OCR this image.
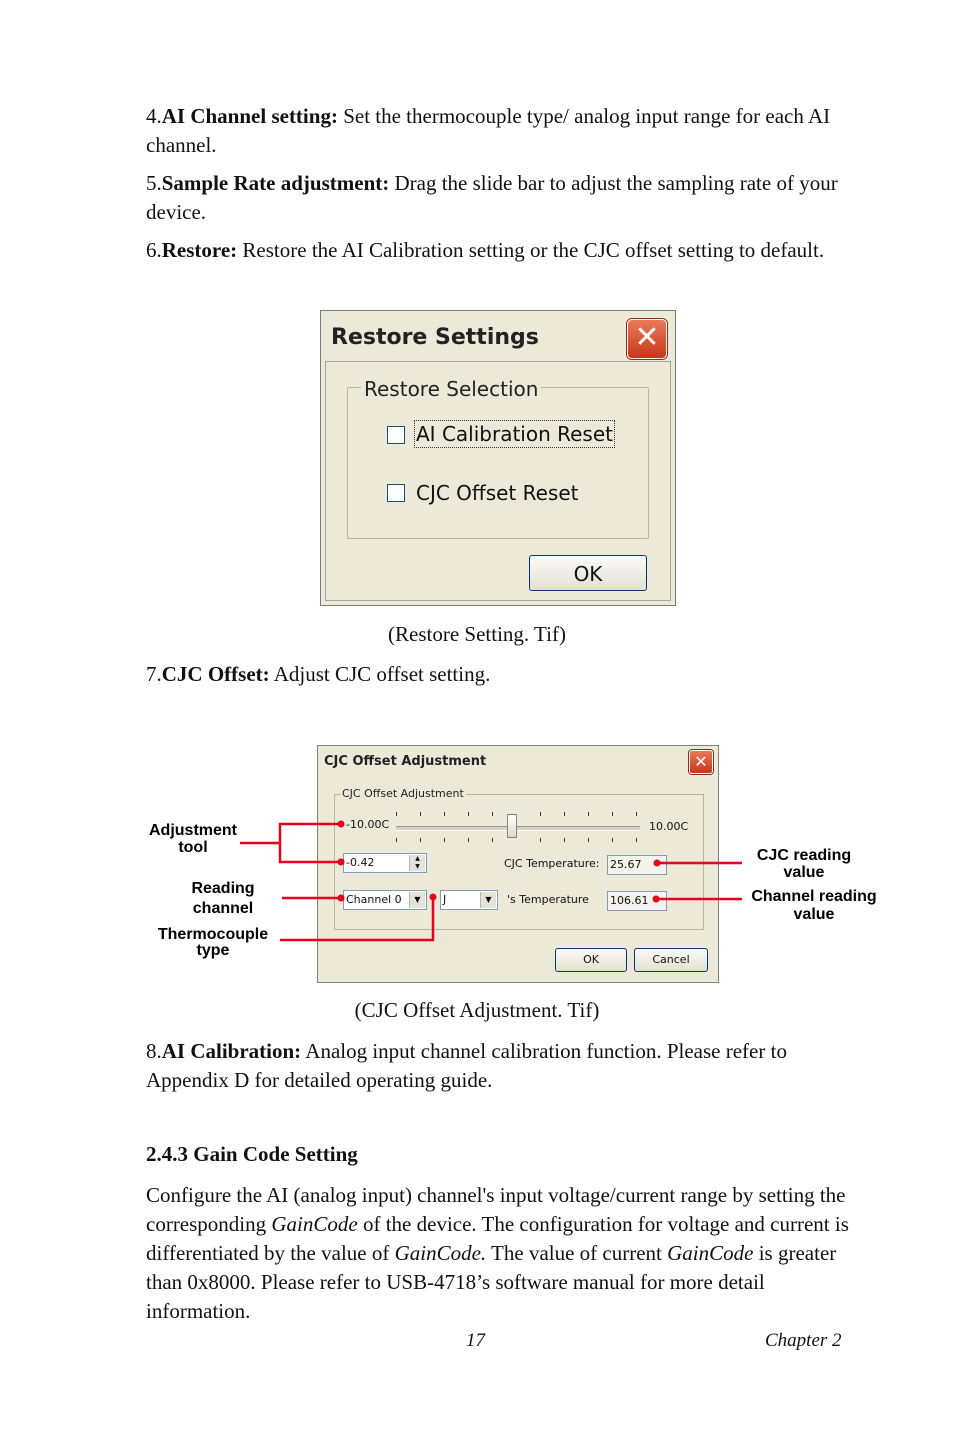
4.AI Channel setting: Set the thermocouple type/ analog input range for each AI channel.

5.Sample Rate adjustment: Drag the slide bar to adjust the sampling rate of your device.

6.Restore: Restore the AI Calibration setting or the CJC offset setting to default.

Restore Settings	✕
Restore Selection
AI Calibration Reset
CJC Offset Reset
OK
(Restore Setting. Tif)

7.CJC Offset: Adjust CJC offset setting.

CJC Offset Adjustment	✕
CJC Offset Adjustment
-10.00C	10.00C
-0.42	▲
▼	CJC Temperature: 25.67
Channel 0	▼	J	▼	's Temperature 106.61
OK	Cancel
Adjustment
tool
Reading
channel
Thermocouple
type
CJC reading
value
Channel reading
value
(CJC Offset Adjustment. Tif)

8.AI Calibration: Analog input channel calibration function. Please refer to Appendix D for detailed operating guide.

2.4.3 Gain Code Setting

Configure the AI (analog input) channel's input voltage/current range by setting the corresponding GainCode of the device. The configuration for voltage and current is differentiated by the value of GainCode. The value of current GainCode is greater than 0x8000. Please refer to USB-4718’s software manual for more detail information.

17	Chapter 2
